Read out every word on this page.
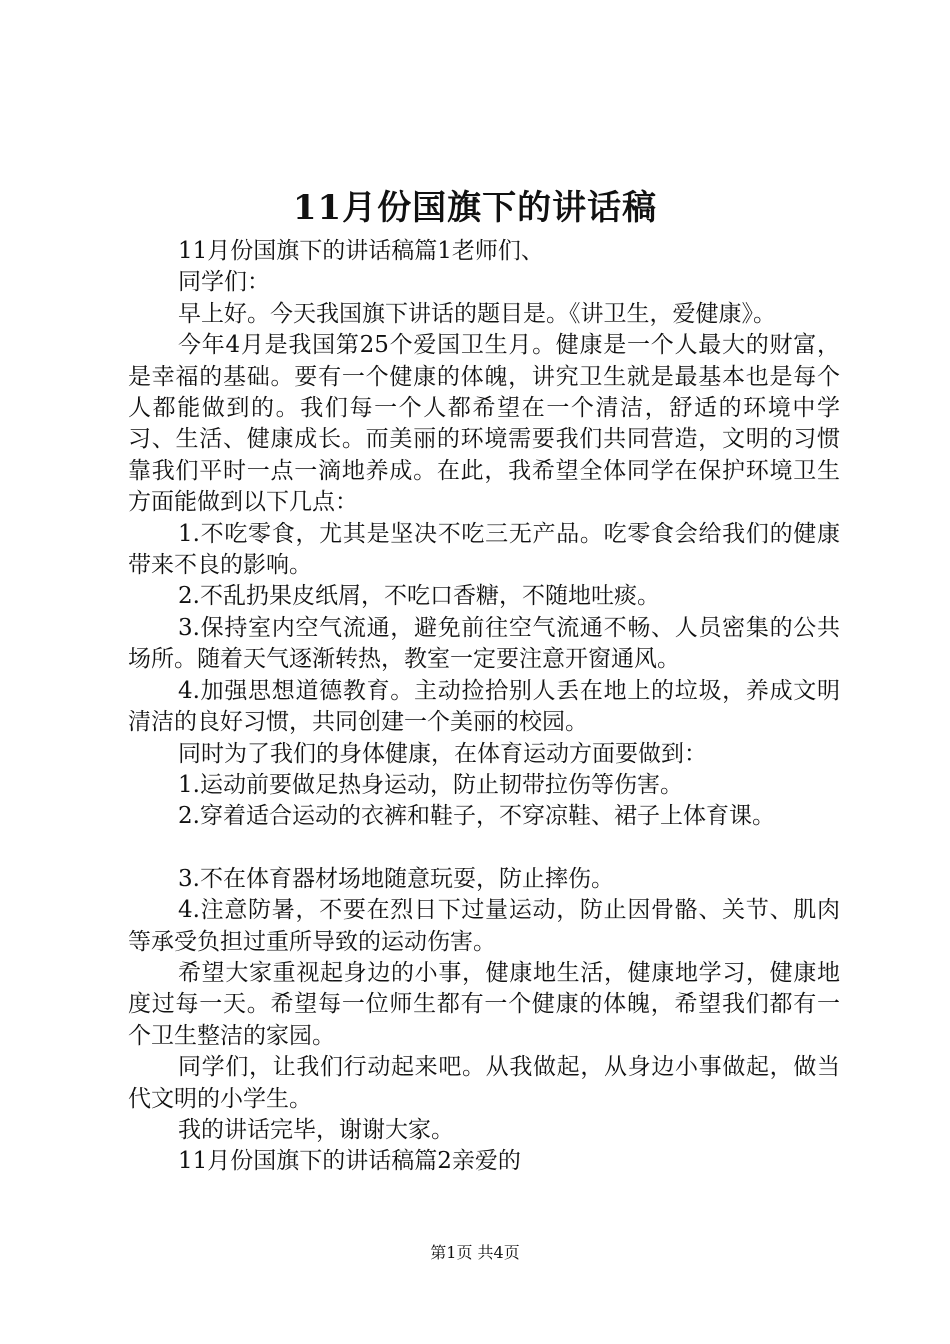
11月份国旗下的讲话稿

11月份国旗下的讲话稿篇1老师们、

同学们：

早上好。今天我国旗下讲话的题目是。《讲卫生，爱健康》。

今年4月是我国第25个爱国卫生月。健康是一个人最大的财富，是幸福的基础。要有一个健康的体魄，讲究卫生就是最基本也是每个人都能做到的。我们每一个人都希望在一个清洁，舒适的环境中学习、生活、健康成长。而美丽的环境需要我们共同营造，文明的习惯靠我们平时一点一滴地养成。在此，我希望全体同学在保护环境卫生方面能做到以下几点：

1.不吃零食，尤其是坚决不吃三无产品。吃零食会给我们的健康带来不良的影响。

2.不乱扔果皮纸屑，不吃口香糖，不随地吐痰。

3.保持室内空气流通，避免前往空气流通不畅、人员密集的公共场所。随着天气逐渐转热，教室一定要注意开窗通风。

4.加强思想道德教育。主动捡拾别人丢在地上的垃圾，养成文明清洁的良好习惯，共同创建一个美丽的校园。

同时为了我们的身体健康，在体育运动方面要做到：

1.运动前要做足热身运动，防止韧带拉伤等伤害。

2.穿着适合运动的衣裤和鞋子，不穿凉鞋、裙子上体育课。

3.不在体育器材场地随意玩耍，防止摔伤。

4.注意防暑，不要在烈日下过量运动，防止因骨骼、关节、肌肉等承受负担过重所导致的运动伤害。

希望大家重视起身边的小事，健康地生活，健康地学习，健康地度过每一天。希望每一位师生都有一个健康的体魄，希望我们都有一个卫生整洁的家园。

同学们，让我们行动起来吧。从我做起，从身边小事做起，做当代文明的小学生。

我的讲话完毕，谢谢大家。

11月份国旗下的讲话稿篇2亲爱的

第1页 共4页
